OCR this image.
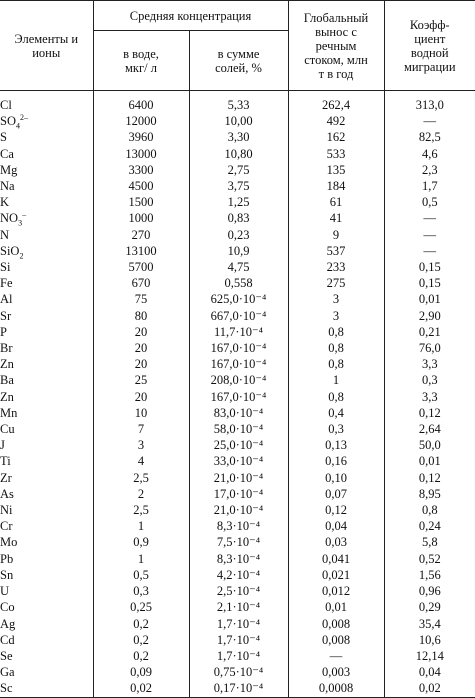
Элементы и ионы	Средняя концентрация		Глобальный вынос с речным стоком, млн т в год	Коэфф-циент водной миграции

	в воде, мкг/ л	в сумме солей, %		

Cl	6400	5,33	262,4	313,0
$SO_4^{2-}$	12000	10,00	492	—
S	3960	3,30	162	82,5
Ca	13000	10,80	533	4,6
Mg	3300	2,75	135	2,3
Na	4500	3,75	184	1,7
K	1500	1,25	61	0,5
$NO_3^-$	1000	0,83	41	—
N	270	0,23	9	—
SiO$_2$	13100	10,9	537	—
Si	5700	4,75	233	0,15
Fe	670	0,558	275	0,15
Al	75	625,0·10⁻⁴	3	0,01
Sr	80	667,0·10⁻⁴	3	2,90
P	20	11,7·10⁻⁴	0,8	0,21
Br	20	167,0·10⁻⁴	0,8	76,0
Zn	20	167,0·10⁻⁴	0,8	3,3
Ba	25	208,0·10⁻⁴	1	0,3
Zn	20	167,0·10⁻⁴	0,8	3,3
Mn	10	83,0·10⁻⁴	0,4	0,12
Cu	7	58,0·10⁻⁴	0,3	2,64
J	3	25,0·10⁻⁴	0,13	50,0
Ti	4	33,0·10⁻⁴	0,16	0,01
Zr	2,5	21,0·10⁻⁴	0,10	0,12
As	2	17,0·10⁻⁴	0,07	8,95
Ni	2,5	21,0·10⁻⁴	0,12	0,8
Cr	1	8,3·10⁻⁴	0,04	0,24
Mo	0,9	7,5·10⁻⁴	0,03	5,8
Pb	1	8,3·10⁻⁴	0,041	0,52
Sn	0,5	4,2·10⁻⁴	0,021	1,56
U	0,3	2,5·10⁻⁴	0,012	0,96
Co	0,25	2,1·10⁻⁴	0,01	0,29
Ag	0,2	1,7·10⁻⁴	0,008	35,4
Cd	0,2	1,7·10⁻⁴	0,008	10,6
Se	0,2	1,7·10⁻⁴	—	12,14
Ga	0,09	0,75·10⁻⁴	0,003	0,04
Sc	0,02	0,17·10⁻⁴	0,0008	0,02
